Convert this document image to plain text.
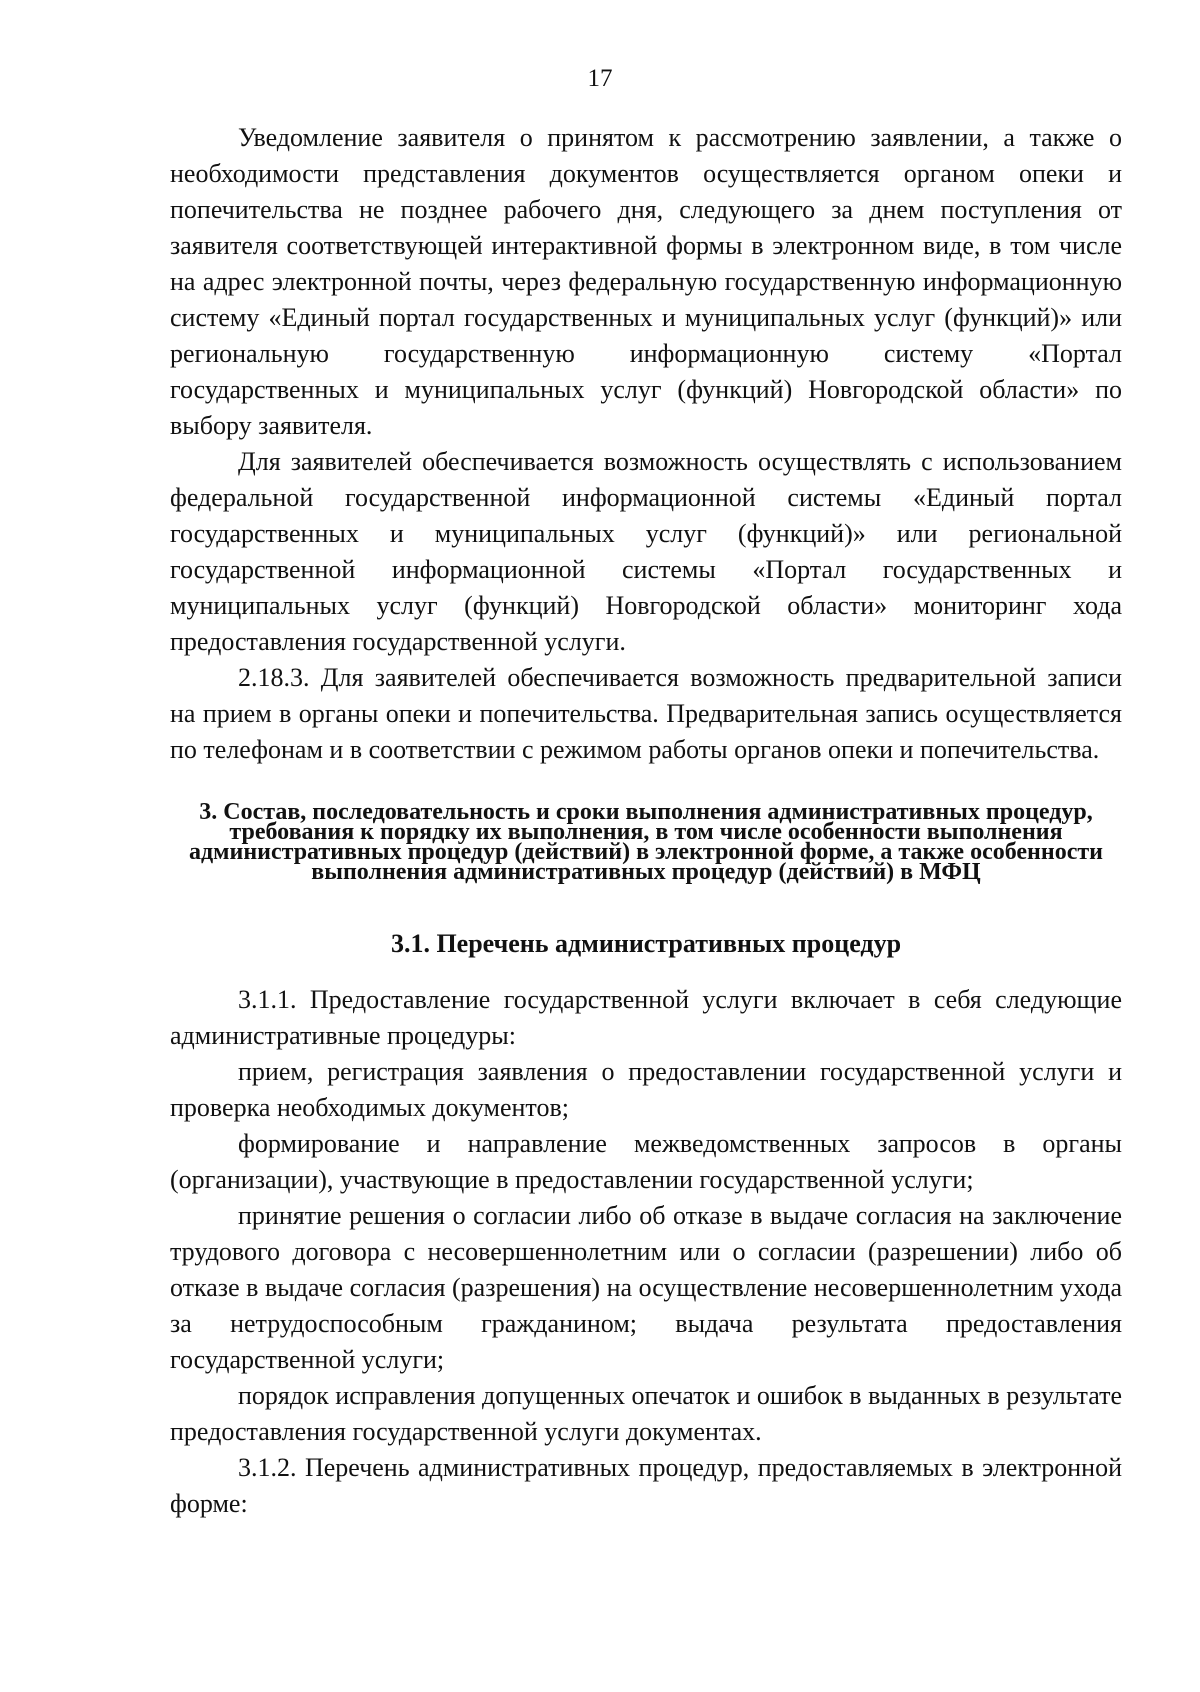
17

Уведомление заявителя о принятом к рассмотрению заявлении, а также о необходимости представления документов осуществляется органом опеки и попечительства не позднее рабочего дня, следующего за днем поступления от заявителя соответствующей интерактивной формы в электронном виде, в том числе на адрес электронной почты, через федеральную государственную информационную систему «Единый портал государственных и муниципальных услуг (функций)» или региональную государственную информационную систему «Портал государственных и муниципальных услуг (функций) Новгородской области» по выбору заявителя.

Для заявителей обеспечивается возможность осуществлять с использованием федеральной государственной информационной системы «Единый портал государственных и муниципальных услуг (функций)» или региональной государственной информационной системы «Портал государственных и муниципальных услуг (функций) Новгородской области» мониторинг хода предоставления государственной услуги.

2.18.3. Для заявителей обеспечивается возможность предварительной записи на прием в органы опеки и попечительства. Предварительная запись осуществляется по телефонам и в соответствии с режимом работы органов опеки и попечительства.

3. Состав, последовательность и сроки выполнения административных процедур, требования к порядку их выполнения, в том числе особенности выполнения административных процедур (действий) в электронной форме, а также особенности выполнения административных процедур (действий) в МФЦ
3.1. Перечень административных процедур

3.1.1. Предоставление государственной услуги включает в себя следующие административные процедуры:

прием, регистрация заявления о предоставлении государственной услуги и проверка необходимых документов;

формирование и направление межведомственных запросов в органы (организации), участвующие в предоставлении государственной услуги;

принятие решения о согласии либо об отказе в выдаче согласия на заключение трудового договора с несовершеннолетним или о согласии (разрешении) либо об отказе в выдаче согласия (разрешения) на осуществление несовершеннолетним ухода за нетрудоспособным гражданином; выдача результата предоставления государственной услуги;

порядок исправления допущенных опечаток и ошибок в выданных в результате предоставления государственной услуги документах.

3.1.2. Перечень административных процедур, предоставляемых в электронной форме:
